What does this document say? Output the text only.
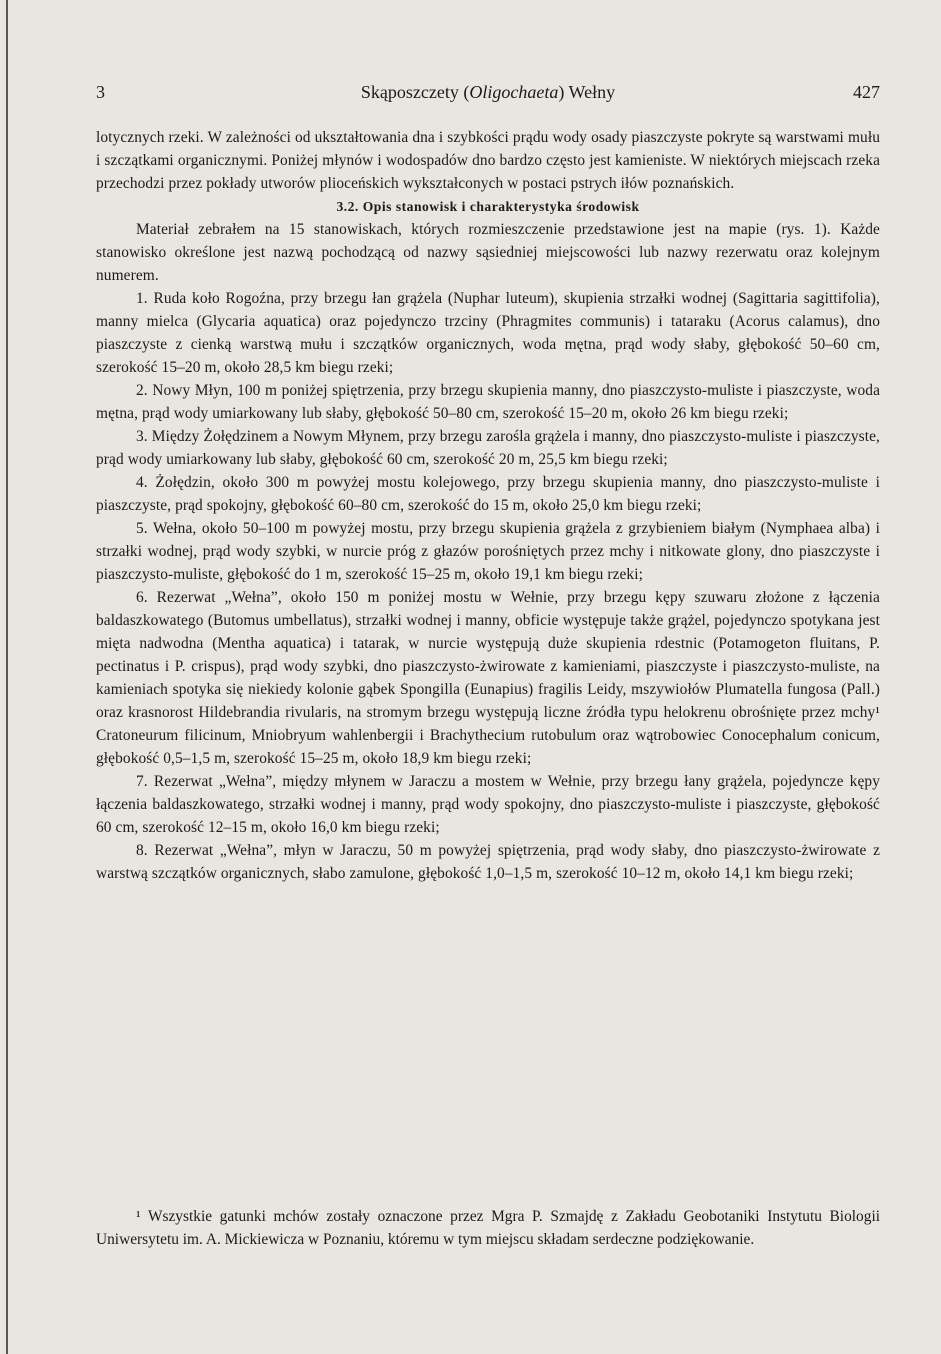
3	Skąposzczety (Oligochaeta) Wełny	427

lotycznych rzeki. W zależności od ukształtowania dna i szybkości prądu wody osady piaszczyste pokryte są warstwami mułu i szczątkami organicznymi. Poniżej młynów i wodospadów dno bardzo często jest kamieniste. W niektórych miejscach rzeka przechodzi przez pokłady utworów plioceńskich wykształconych w postaci pstrych iłów poznańskich.

3.2. Opis stanowisk i charakterystyka środowisk

Materiał zebrałem na 15 stanowiskach, których rozmieszczenie przedstawione jest na mapie (rys. 1). Każde stanowisko określone jest nazwą pochodzącą od nazwy sąsiedniej miejscowości lub nazwy rezerwatu oraz kolejnym numerem.

1. Ruda koło Rogoźna, przy brzegu łan grążela (Nuphar luteum), skupienia strzałki wodnej (Sagittaria sagittifolia), manny mielca (Glycaria aquatica) oraz pojedynczo trzciny (Phragmites communis) i tataraku (Acorus calamus), dno piaszczyste z cienką warstwą mułu i szczątków organicznych, woda mętna, prąd wody słaby, głębokość 50–60 cm, szerokość 15–20 m, około 28,5 km biegu rzeki;

2. Nowy Młyn, 100 m poniżej spiętrzenia, przy brzegu skupienia manny, dno piaszczysto-muliste i piaszczyste, woda mętna, prąd wody umiarkowany lub słaby, głębokość 50–80 cm, szerokość 15–20 m, około 26 km biegu rzeki;

3. Między Żołędzinem a Nowym Młynem, przy brzegu zarośla grążela i manny, dno piaszczysto-muliste i piaszczyste, prąd wody umiarkowany lub słaby, głębokość 60 cm, szerokość 20 m, 25,5 km biegu rzeki;

4. Żołędzin, około 300 m powyżej mostu kolejowego, przy brzegu skupienia manny, dno piaszczysto-muliste i piaszczyste, prąd spokojny, głębokość 60–80 cm, szerokość do 15 m, około 25,0 km biegu rzeki;

5. Wełna, około 50–100 m powyżej mostu, przy brzegu skupienia grążela z grzybieniem białym (Nymphaea alba) i strzałki wodnej, prąd wody szybki, w nurcie próg z głazów porośniętych przez mchy i nitkowate glony, dno piaszczyste i piaszczysto-muliste, głębokość do 1 m, szerokość 15–25 m, około 19,1 km biegu rzeki;

6. Rezerwat „Wełna”, około 150 m poniżej mostu w Wełnie, przy brzegu kępy szuwaru złożone z łączenia baldaszkowatego (Butomus umbellatus), strzałki wodnej i manny, obficie występuje także grążel, pojedynczo spotykana jest mięta nadwodna (Mentha aquatica) i tatarak, w nurcie występują duże skupienia rdestnic (Potamogeton fluitans, P. pectinatus i P. crispus), prąd wody szybki, dno piaszczysto-żwirowate z kamieniami, piaszczyste i piaszczysto-muliste, na kamieniach spotyka się niekiedy kolonie gąbek Spongilla (Eunapius) fragilis Leidy, mszywiołów Plumatella fungosa (Pall.) oraz krasnorost Hildebrandia rivularis, na stromym brzegu występują liczne źródła typu helokrenu obrośnięte przez mchy¹ Cratoneurum filicinum, Mniobryum wahlenbergii i Brachythecium rutobulum oraz wątrobowiec Conocephalum conicum, głębokość 0,5–1,5 m, szerokość 15–25 m, około 18,9 km biegu rzeki;

7. Rezerwat „Wełna”, między młynem w Jaraczu a mostem w Wełnie, przy brzegu łany grążela, pojedyncze kępy łączenia baldaszkowatego, strzałki wodnej i manny, prąd wody spokojny, dno piaszczysto-muliste i piaszczyste, głębokość 60 cm, szerokość 12–15 m, około 16,0 km biegu rzeki;

8. Rezerwat „Wełna”, młyn w Jaraczu, 50 m powyżej spiętrzenia, prąd wody słaby, dno piaszczysto-żwirowate z warstwą szczątków organicznych, słabo zamulone, głębokość 1,0–1,5 m, szerokość 10–12 m, około 14,1 km biegu rzeki;

¹ Wszystkie gatunki mchów zostały oznaczone przez Mgra P. Szmajdę z Zakładu Geobotaniki Instytutu Biologii Uniwersytetu im. A. Mickiewicza w Poznaniu, któremu w tym miejscu składam serdeczne podziękowanie.
